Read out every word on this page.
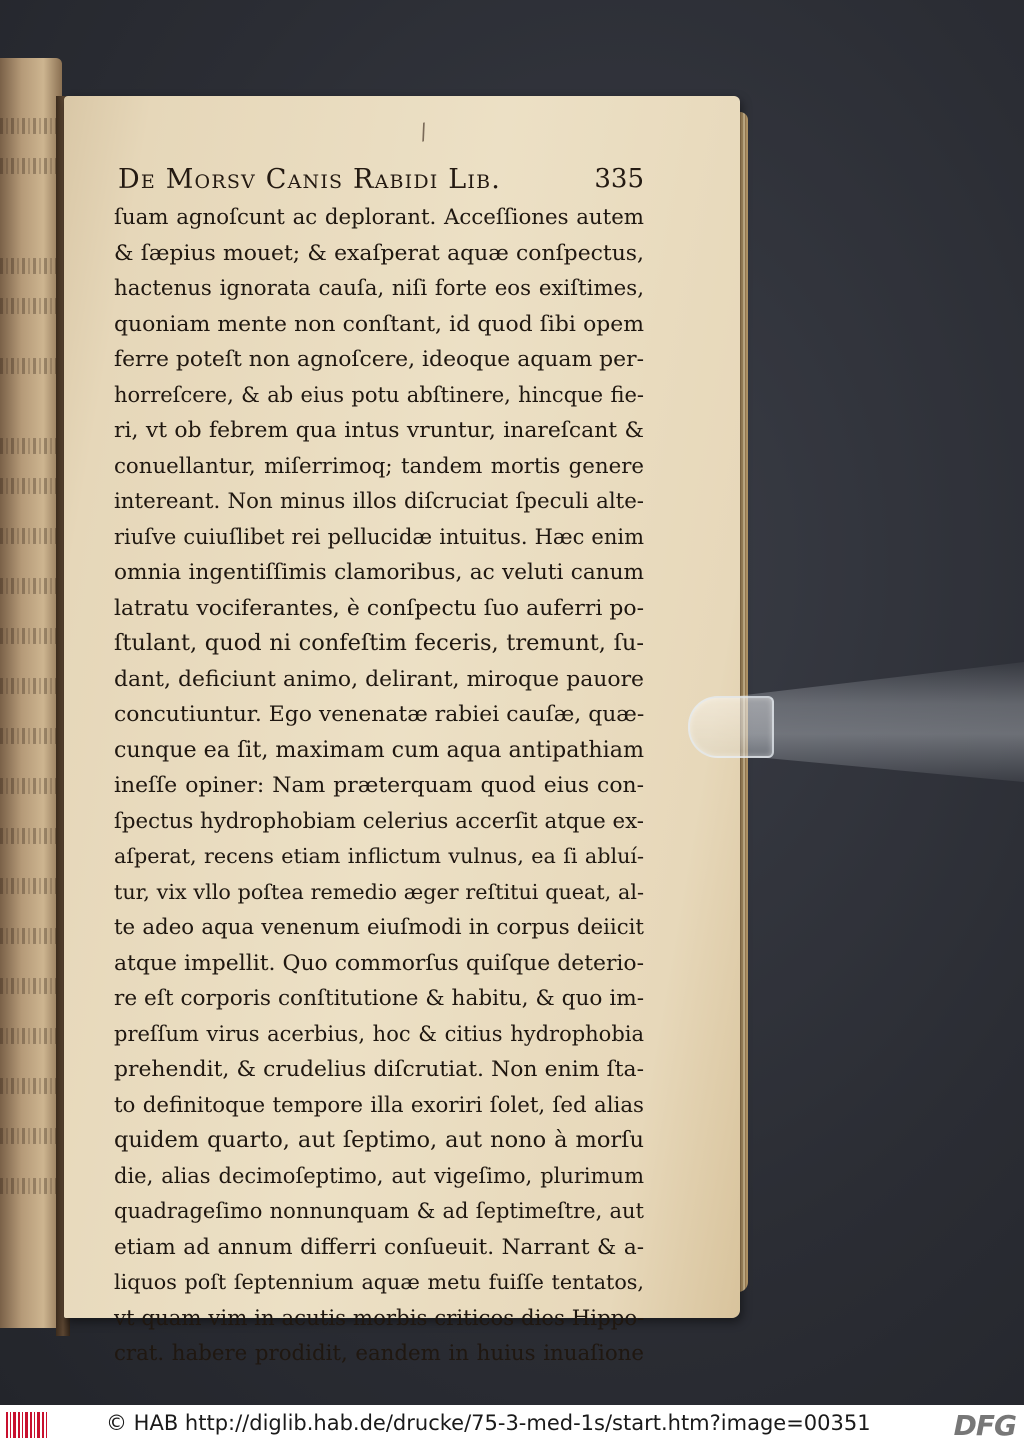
/
De Morsv Canis Rabidi Lib.	335
ſuam agnoſcunt ac deplorant. Acceſſiones autem
& ſæpius mouet; & exaſperat aquæ conſpectus,
hactenus ignorata cauſa, niſi forte eos exiſtimes,
quoniam mente non conſtant, id quod ſibi opem
ferre poteſt non agnoſcere, ideoque aquam per-
horreſcere, & ab eius potu abſtinere, hincque fie-
ri, vt ob febrem qua intus vruntur, inareſcant &
conuellantur, miſerrimoq; tandem mortis genere
intereant. Non minus illos diſcruciat ſpeculi alte-
riuſve cuiuſlibet rei pellucidæ intuitus. Hæc enim
omnia ingentiſſimis clamoribus, ac veluti canum
latratu vociferantes, è conſpectu ſuo auferri po-
ſtulant, quod ni confeſtim feceris, tremunt, ſu-
dant, deficiunt animo, delirant, miroque pauore
concutiuntur. Ego venenatæ rabiei cauſæ, quæ-
cunque ea ſit, maximam cum aqua antipathiam
ineſſe opiner: Nam præterquam quod eius con-
ſpectus hydrophobiam celerius accerſit atque ex-
aſperat, recens etiam inflictum vulnus, ea ſi abluí-
tur, vix vllo poſtea remedio æger reſtitui queat, al-
te adeo aqua venenum eiuſmodi in corpus deiicit
atque impellit. Quo commorſus quiſque deterio-
re eſt corporis conſtitutione & habitu, & quo im-
preſſum virus acerbius, hoc & citius hydrophobia
prehendit, & crudelius diſcrutiat. Non enim ſta-
to definitoque tempore illa exoriri ſolet, ſed alias
quidem quarto, aut ſeptimo, aut nono à morſu
die, alias decimoſeptimo, aut vigeſimo, plurimum
quadrageſimo nonnunquam & ad ſeptimeſtre, aut
etiam ad annum differri conſueuit. Narrant & a-
liquos poſt ſeptennium aquæ metu fuiſſe tentatos,
vt quam vim in acutis morbis criticos dies Hippo-
crat. habere prodidit, eandem in huius inuaſione
© HAB http://diglib.hab.de/drucke/75-3-med-1s/start.htm?image=00351	DFG
